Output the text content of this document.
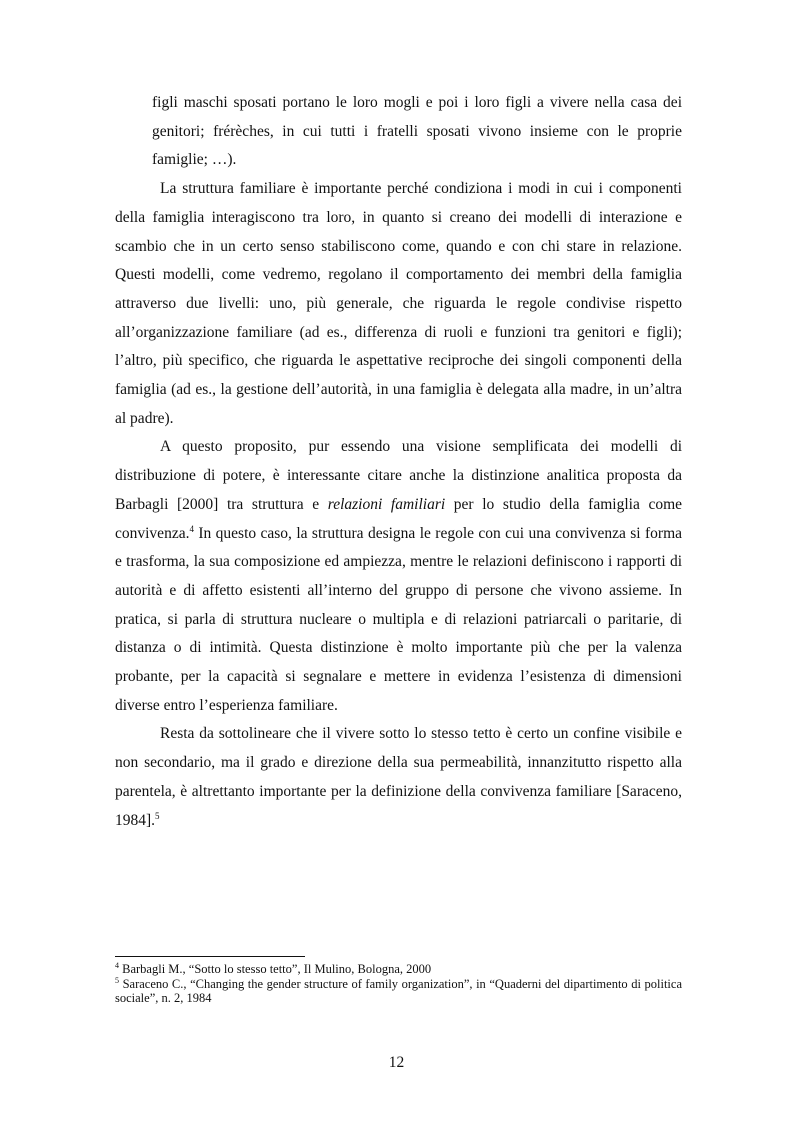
figli maschi sposati portano le loro mogli e poi i loro figli a vivere nella casa dei genitori; frérèches, in cui tutti i fratelli sposati vivono insieme con le proprie famiglie; …).

La struttura familiare è importante perché condiziona i modi in cui i componenti della famiglia interagiscono tra loro, in quanto si creano dei modelli di interazione e scambio che in un certo senso stabiliscono come, quando e con chi stare in relazione. Questi modelli, come vedremo, regolano il comportamento dei membri della famiglia attraverso due livelli: uno, più generale, che riguarda le regole condivise rispetto all’organizzazione familiare (ad es., differenza di ruoli e funzioni tra genitori e figli); l’altro, più specifico, che riguarda le aspettative reciproche dei singoli componenti della famiglia (ad es., la gestione dell’autorità, in una famiglia è delegata alla madre, in un’altra al padre).

A questo proposito, pur essendo una visione semplificata dei modelli di distribuzione di potere, è interessante citare anche la distinzione analitica proposta da Barbagli [2000] tra struttura e relazioni familiari per lo studio della famiglia come convivenza.$^4$ In questo caso, la struttura designa le regole con cui una convivenza si forma e trasforma, la sua composizione ed ampiezza, mentre le relazioni definiscono i rapporti di autorità e di affetto esistenti all’interno del gruppo di persone che vivono assieme. In pratica, si parla di struttura nucleare o multipla e di relazioni patriarcali o paritarie, di distanza o di intimità. Questa distinzione è molto importante più che per la valenza probante, per la capacità si segnalare e mettere in evidenza l’esistenza di dimensioni diverse entro l’esperienza familiare.

Resta da sottolineare che il vivere sotto lo stesso tetto è certo un confine visibile e non secondario, ma il grado e direzione della sua permeabilità, innanzitutto rispetto alla parentela, è altrettanto importante per la definizione della convivenza familiare [Saraceno, 1984].$^5$

$^4$ Barbagli M., “Sotto lo stesso tetto”, Il Mulino, Bologna, 2000

$^5$ Saraceno C., “Changing the gender structure of family organization”, in “Quaderni del dipartimento di politica sociale”, n. 2, 1984

12
